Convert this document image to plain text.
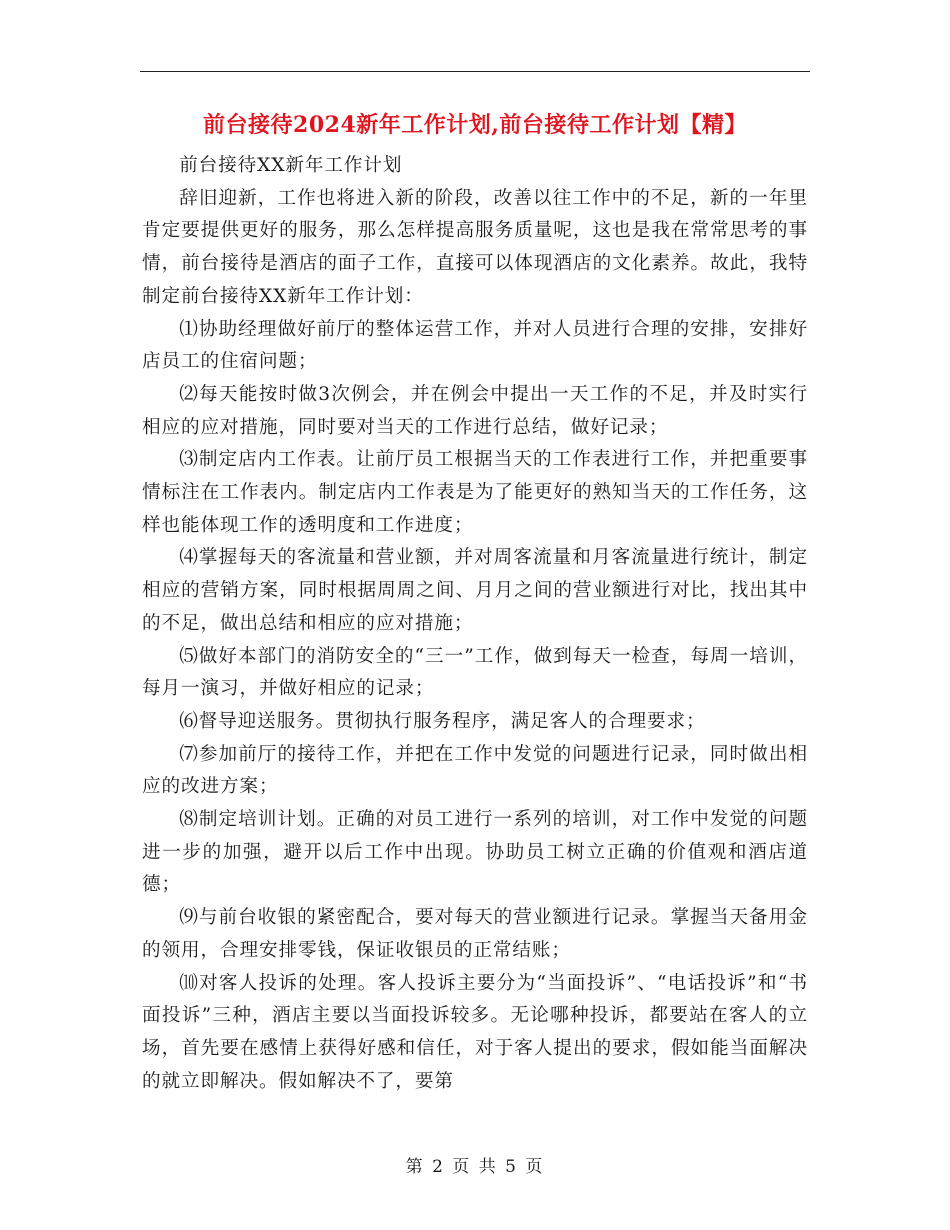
前台接待2024新年工作计划,前台接待工作计划【精】

前台接待XX新年工作计划

辞旧迎新，工作也将进入新的阶段，改善以往工作中的不足，新的一年里肯定要提供更好的服务，那么怎样提高服务质量呢，这也是我在常常思考的事情，前台接待是酒店的面子工作，直接可以体现酒店的文化素养。故此，我特制定前台接待XX新年工作计划：

⑴协助经理做好前厅的整体运营工作，并对人员进行合理的安排，安排好店员工的住宿问题；

⑵每天能按时做3次例会，并在例会中提出一天工作的不足，并及时实行相应的应对措施，同时要对当天的工作进行总结，做好记录；

⑶制定店内工作表。让前厅员工根据当天的工作表进行工作，并把重要事情标注在工作表内。制定店内工作表是为了能更好的熟知当天的工作任务，这样也能体现工作的透明度和工作进度；

⑷掌握每天的客流量和营业额，并对周客流量和月客流量进行统计，制定相应的营销方案，同时根据周周之间、月月之间的营业额进行对比，找出其中的不足，做出总结和相应的应对措施；

⑸做好本部门的消防安全的“三一”工作，做到每天一检查，每周一培训，每月一演习，并做好相应的记录；

⑹督导迎送服务。贯彻执行服务程序，满足客人的合理要求；

⑺参加前厅的接待工作，并把在工作中发觉的问题进行记录，同时做出相应的改进方案；

⑻制定培训计划。正确的对员工进行一系列的培训，对工作中发觉的问题进一步的加强，避开以后工作中出现。协助员工树立正确的价值观和酒店道德；

⑼与前台收银的紧密配合，要对每天的营业额进行记录。掌握当天备用金的领用，合理安排零钱，保证收银员的正常结账；

⑽对客人投诉的处理。客人投诉主要分为“当面投诉”、“电话投诉”和“书面投诉”三种，酒店主要以当面投诉较多。无论哪种投诉，都要站在客人的立场，首先要在感情上获得好感和信任，对于客人提出的要求，假如能当面解决的就立即解决。假如解决不了，要第

第 2 页 共 5 页
